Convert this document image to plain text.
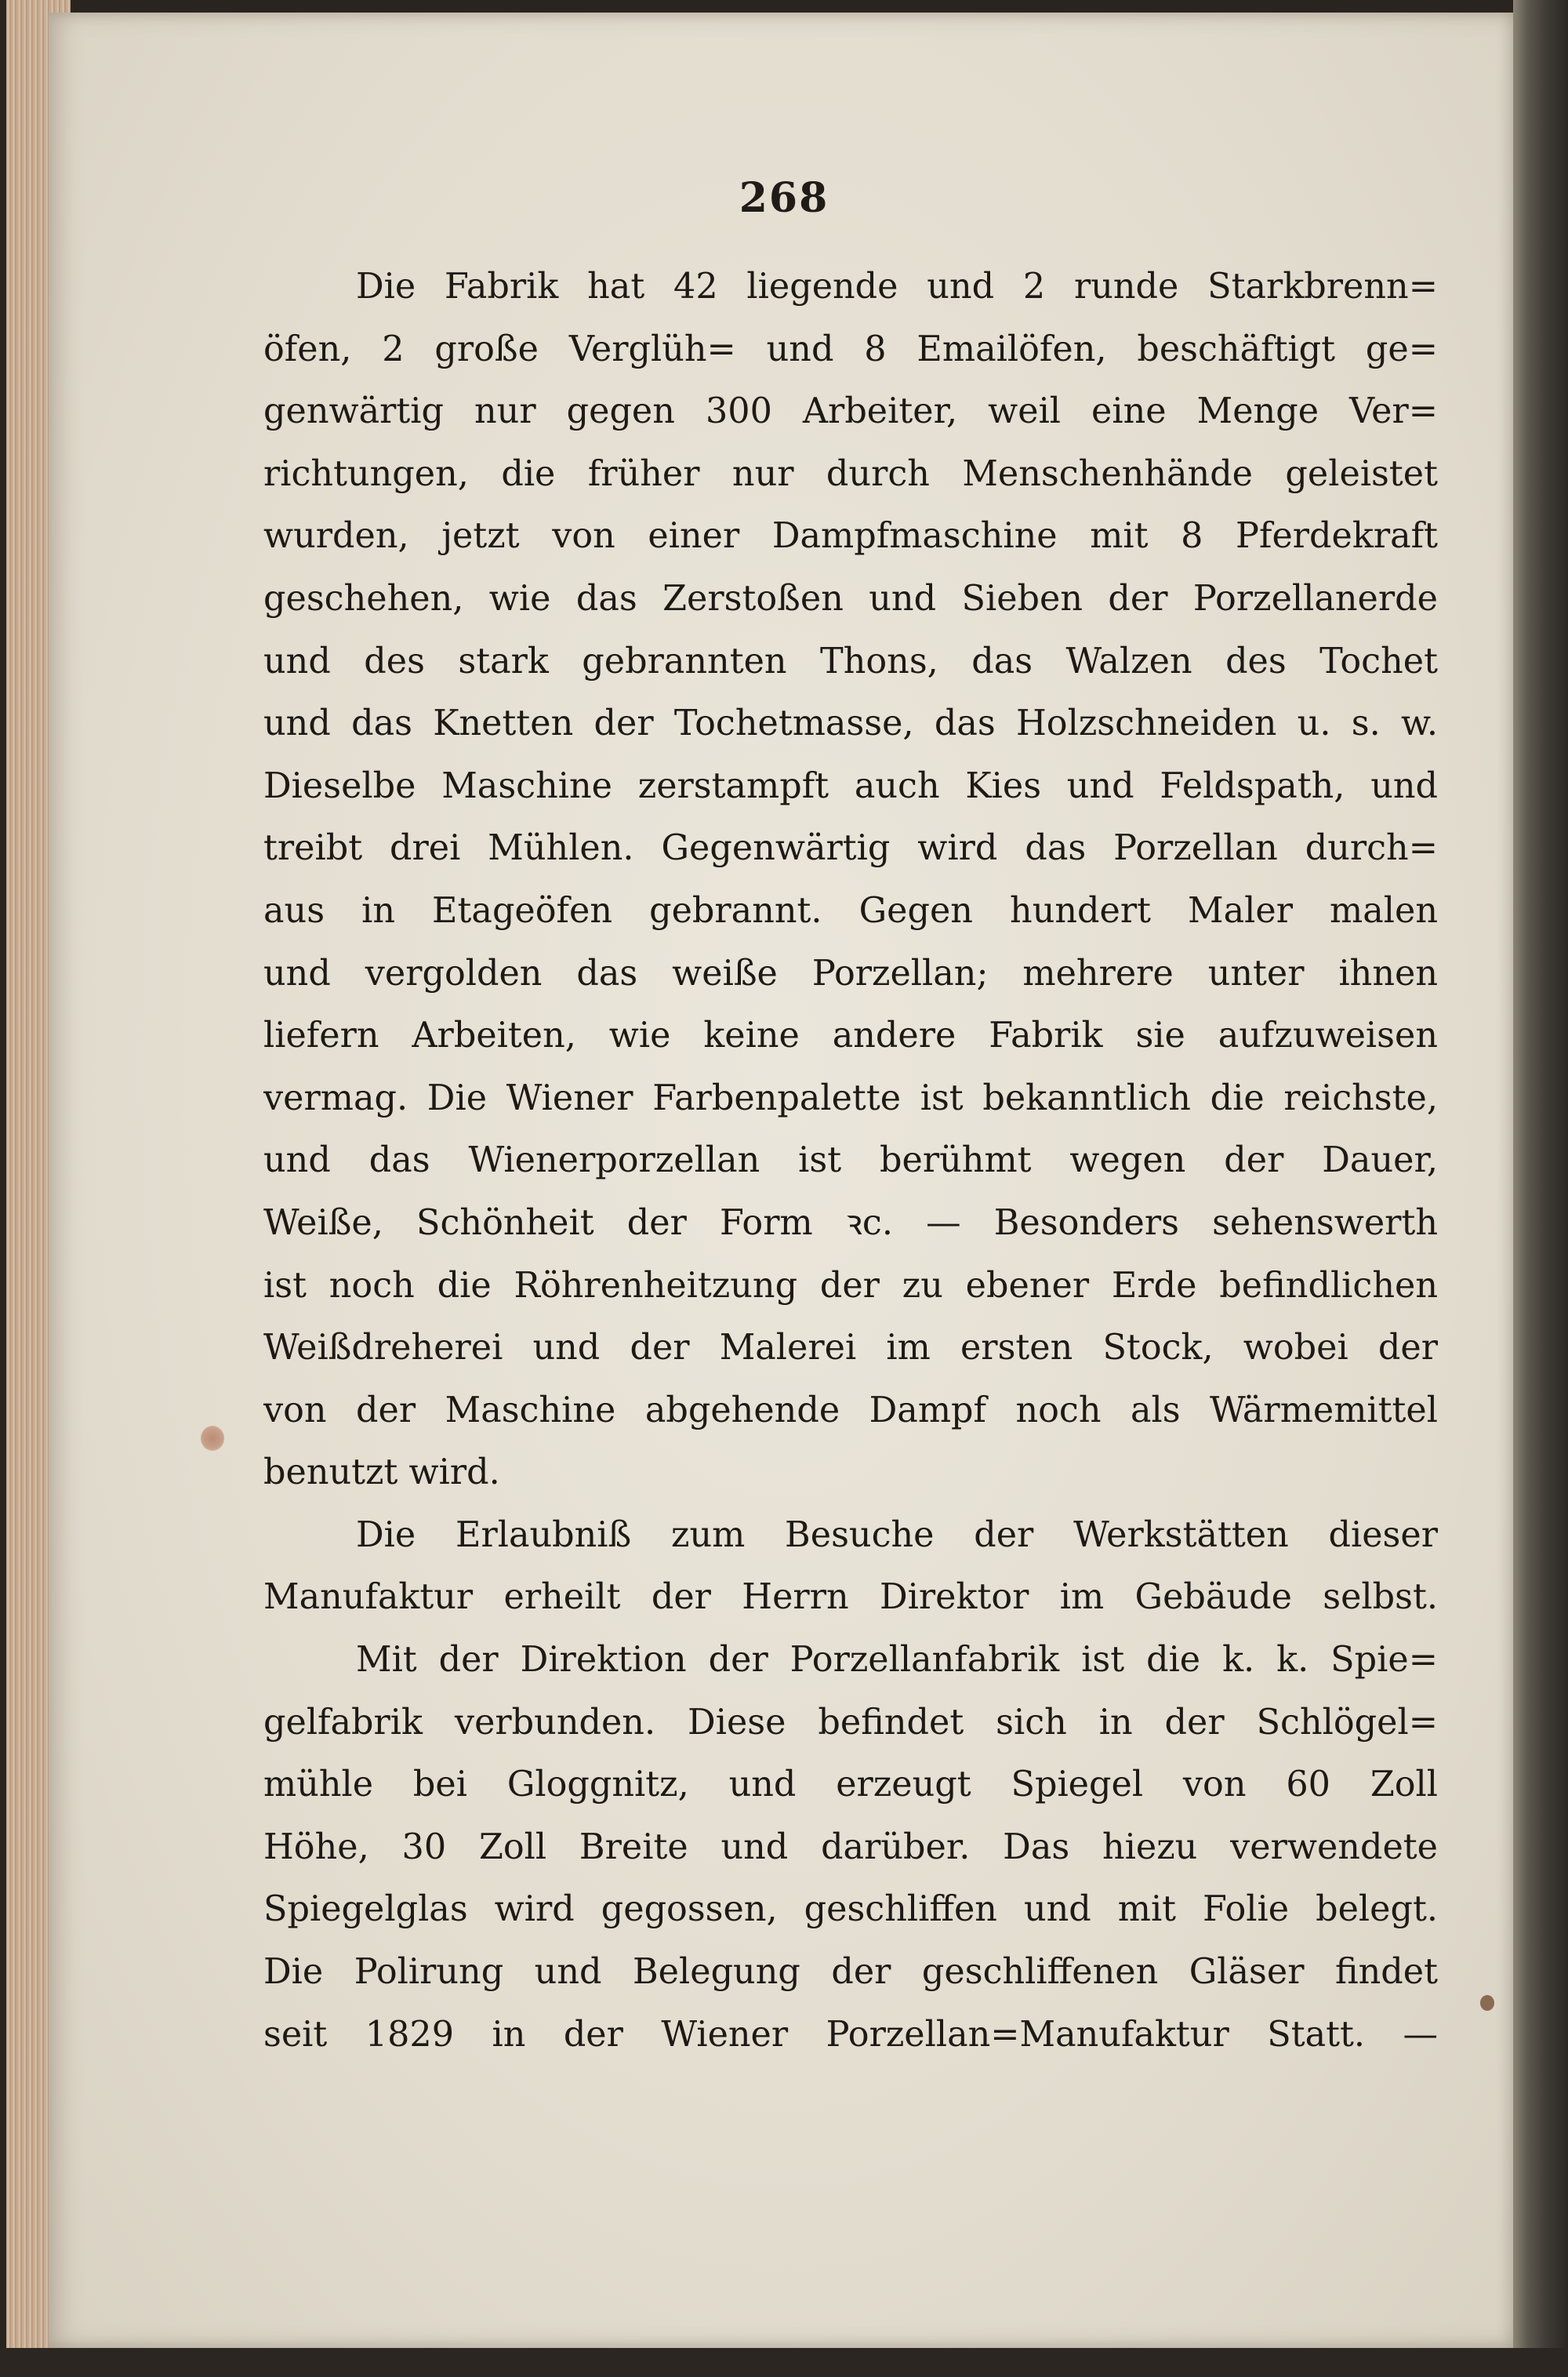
268
Die Fabrik hat 42 liegende und 2 runde Starkbrenn=
öfen, 2 große Verglüh= und 8 Emailöfen, beschäftigt ge=
genwärtig nur gegen 300 Arbeiter, weil eine Menge Ver=
richtungen, die früher nur durch Menschenhände geleistet
wurden, jetzt von einer Dampfmaschine mit 8 Pferdekraft
geschehen, wie das Zerstoßen und Sieben der Porzellanerde
und des stark gebrannten Thons, das Walzen des Tochet
und das Knetten der Tochetmasse, das Holzschneiden u. s. w.
Dieselbe Maschine zerstampft auch Kies und Feldspath, und
treibt drei Mühlen. Gegenwärtig wird das Porzellan durch=
aus in Etageöfen gebrannt. Gegen hundert Maler malen
und vergolden das weiße Porzellan; mehrere unter ihnen
liefern Arbeiten, wie keine andere Fabrik sie aufzuweisen
vermag. Die Wiener Farbenpalette ist bekanntlich die reichste,
und das Wienerporzellan ist berühmt wegen der Dauer,
Weiße, Schönheit der Form ꝛc. — Besonders sehenswerth
ist noch die Röhrenheitzung der zu ebener Erde befindlichen
Weißdreherei und der Malerei im ersten Stock, wobei der
von der Maschine abgehende Dampf noch als Wärmemittel
benutzt wird.
Die Erlaubniß zum Besuche der Werkstätten dieser
Manufaktur erheilt der Herrn Direktor im Gebäude selbst.
Mit der Direktion der Porzellanfabrik ist die k. k. Spie=
gelfabrik verbunden. Diese befindet sich in der Schlögel=
mühle bei Gloggnitz, und erzeugt Spiegel von 60 Zoll
Höhe, 30 Zoll Breite und darüber. Das hiezu verwendete
Spiegelglas wird gegossen, geschliffen und mit Folie belegt.
Die Polirung und Belegung der geschliffenen Gläser findet
seit 1829 in der Wiener Porzellan=Manufaktur Statt. —
